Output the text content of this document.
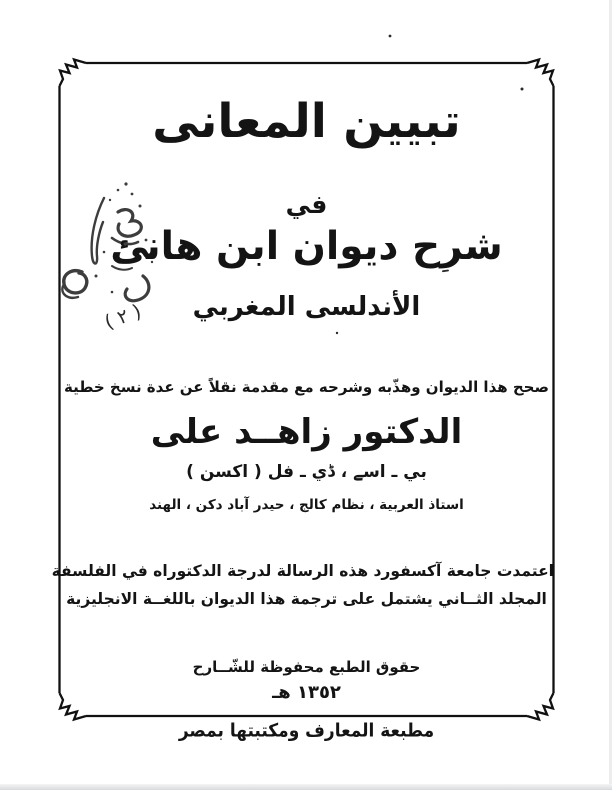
تبيين المعانى
في
شرح ديوان ابن هانئ
الأندلسى المغربي
( ٢ )
صحح هذا الديوان وهذّبه وشرحه مع مقدمة نقلاً عن عدة نسخ خطية
الدكتور زاهــد على
بي ـ اسے ، ڈي ـ فل ( اکسن )
استاذ العربية ، نظام كالج ، حيدر آباد دكن ، الهند
اعتمدت جامعة آكسفورد هذه الرسالة لدرجة الدكتوراه في الفلسفة
المجلد الثــاني يشتمل على ترجمة هذا الديوان باللغــة الانجليزية
حقوق الطبع محفوظة للشّــارح
١٣٥٢ هـ
مطبعة المعارف ومكتبتها بمصر
